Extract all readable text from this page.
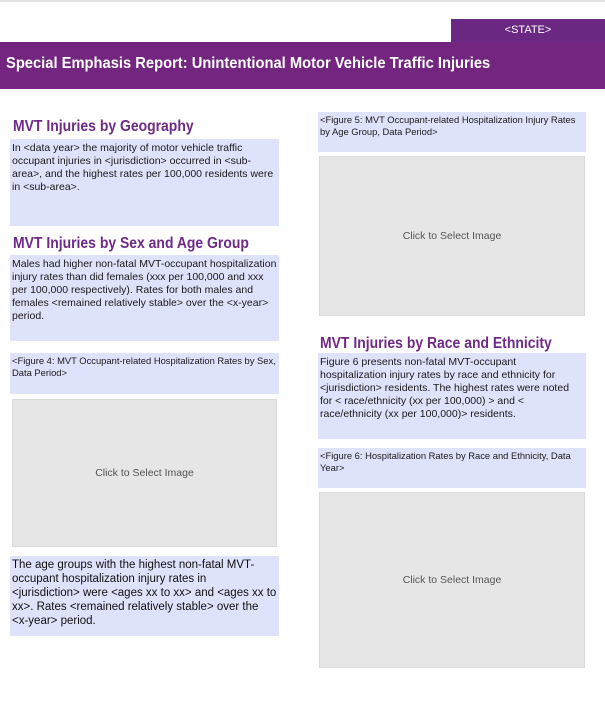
<STATE>
Special Emphasis Report: Unintentional Motor Vehicle Traffic Injuries
MVT Injuries by Geography
In <data year> the majority of motor vehicle traffic occupant injuries in <jurisdiction> occurred in <sub-area>, and the highest rates per 100,000 residents were in <sub-area>.
MVT Injuries by Sex and Age Group
Males had higher non-fatal MVT-occupant hospitalization injury rates than did females (xxx per 100,000 and xxx per 100,000 respectively). Rates for both males and females <remained relatively stable> over the <x-year> period.
<Figure 4: MVT Occupant-related Hospitalization Rates by Sex, Data Period>
Click to Select Image
The age groups with the highest non-fatal MVT-occupant hospitalization injury rates in <jurisdiction> were <ages xx to xx> and <ages xx to xx>. Rates <remained relatively stable> over the <x-year> period.
<Figure 5: MVT Occupant-related Hospitalization Injury Rates by Age Group, Data Period>
Click to Select Image
MVT Injuries by Race and Ethnicity
Figure 6 presents non-fatal MVT-occupant hospitalization injury rates by race and ethnicity for <jurisdiction> residents. The highest rates were noted for < race/ethnicity (xx per 100,000) > and < race/ethnicity (xx per 100,000)> residents.
<Figure 6: Hospitalization Rates by Race and Ethnicity, Data Year>
Click to Select Image
